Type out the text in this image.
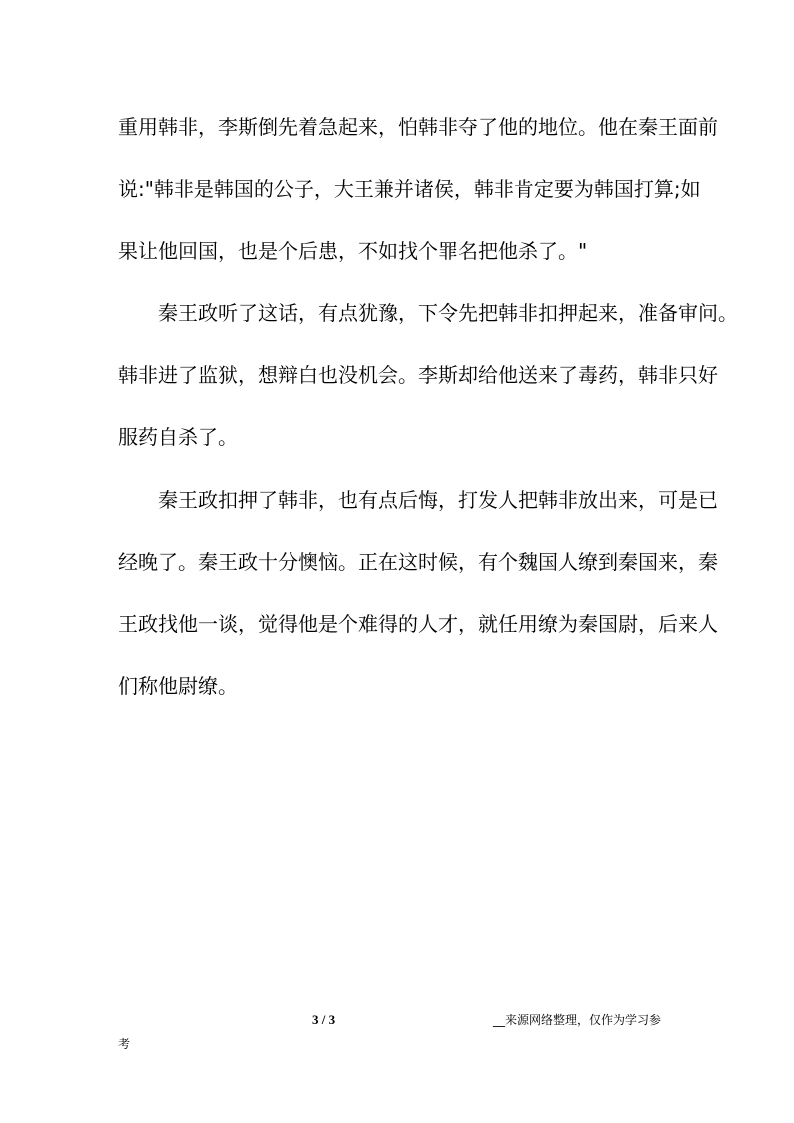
重用韩非，李斯倒先着急起来，怕韩非夺了他的地位。他在秦王面前
说:"韩非是韩国的公子，大王兼并诸侯，韩非肯定要为韩国打算;如
果让他回国，也是个后患，不如找个罪名把他杀了。"
秦王政听了这话，有点犹豫，下令先把韩非扣押起来，准备审问。
韩非进了监狱，想辩白也没机会。李斯却给他送来了毒药，韩非只好
服药自杀了。
秦王政扣押了韩非，也有点后悔，打发人把韩非放出来，可是已
经晚了。秦王政十分懊恼。正在这时候，有个魏国人缭到秦国来，秦
王政找他一谈，觉得他是个难得的人才，就任用缭为秦国尉，后来人
们称他尉缭。
3 / 3	__来源网络整理，仅作为学习参
考
